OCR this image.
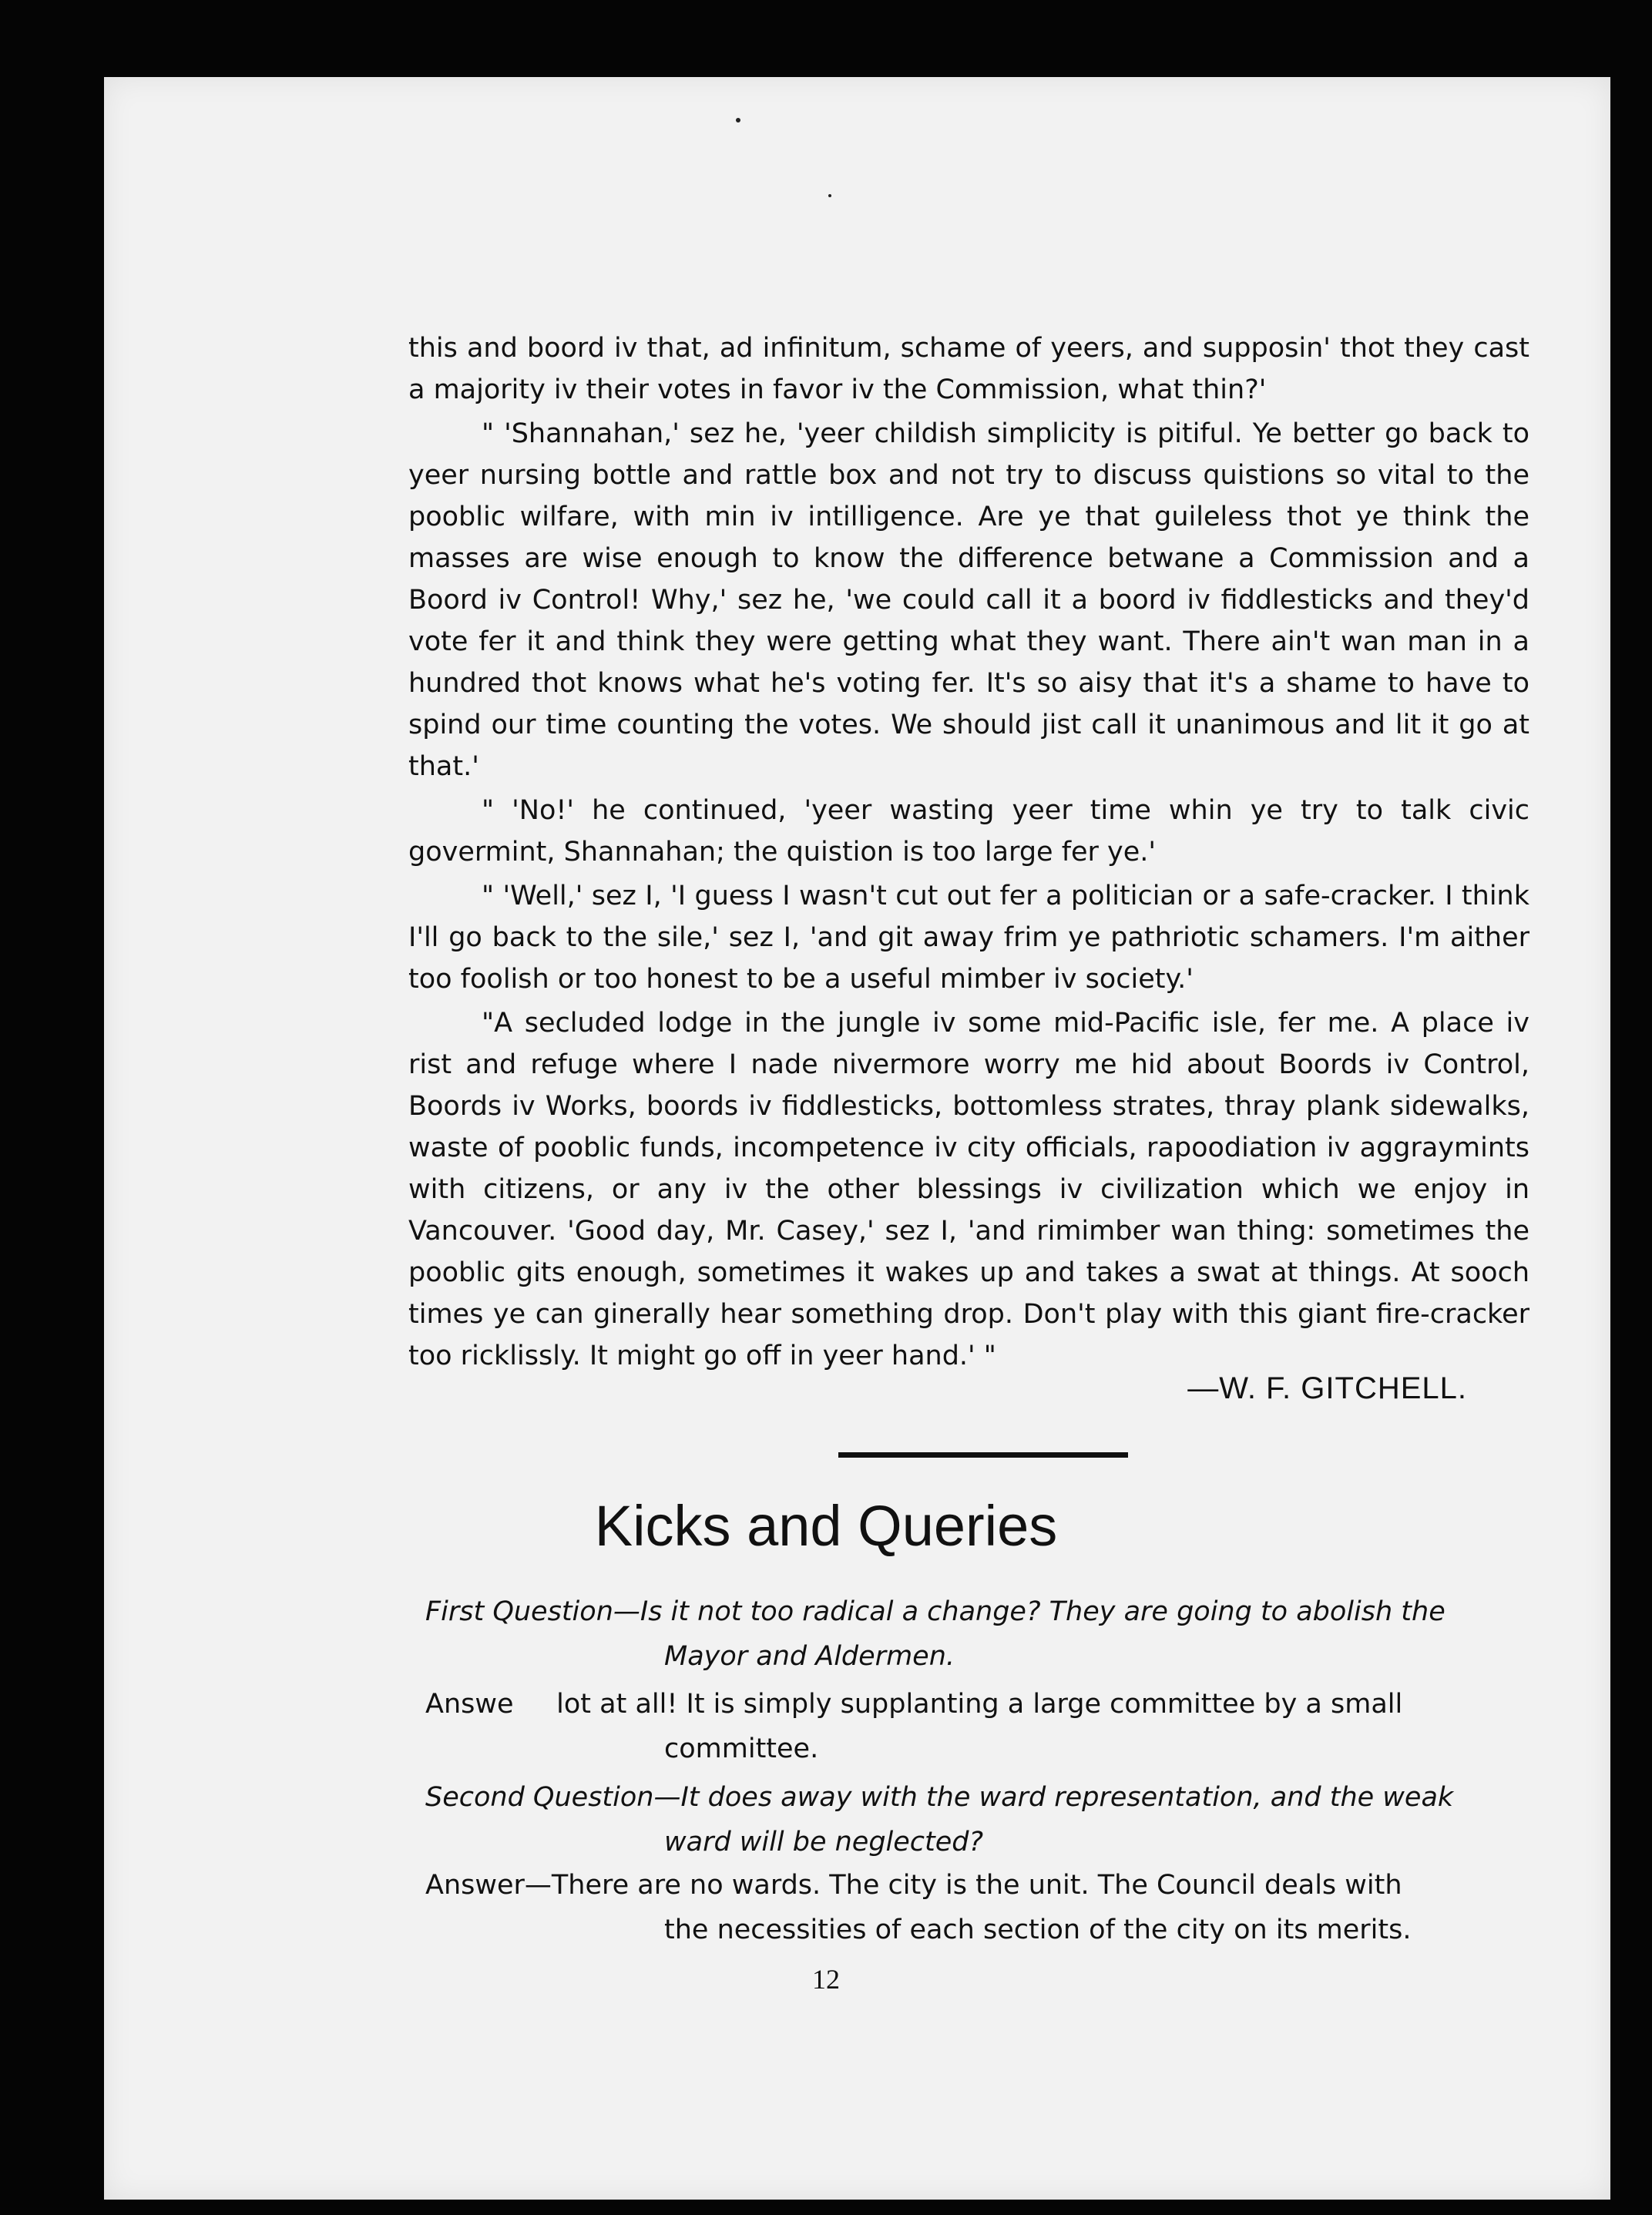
this and boord iv that, ad infinitum, schame of yeers, and supposin' thot they cast a majority iv their votes in favor iv the Commission, what thin?'

" 'Shannahan,' sez he, 'yeer childish simplicity is pitiful. Ye better go back to yeer nursing bottle and rattle box and not try to discuss quistions so vital to the pooblic wilfare, with min iv intilligence. Are ye that guileless thot ye think the masses are wise enough to know the difference betwane a Commission and a Boord iv Control! Why,' sez he, 'we could call it a boord iv fiddlesticks and they'd vote fer it and think they were getting what they want. There ain't wan man in a hundred thot knows what he's voting fer. It's so aisy that it's a shame to have to spind our time counting the votes. We should jist call it unanimous and lit it go at that.'

" 'No!' he continued, 'yeer wasting yeer time whin ye try to talk civic govermint, Shannahan; the quistion is too large fer ye.'

" 'Well,' sez I, 'I guess I wasn't cut out fer a politician or a safe-cracker. I think I'll go back to the sile,' sez I, 'and git away frim ye pathriotic schamers. I'm aither too foolish or too honest to be a useful mimber iv society.'

"A secluded lodge in the jungle iv some mid-Pacific isle, fer me. A place iv rist and refuge where I nade nivermore worry me hid about Boords iv Control, Boords iv Works, boords iv fiddlesticks, bottomless strates, thray plank sidewalks, waste of pooblic funds, incompetence iv city officials, rapoodiation iv aggraymints with citizens, or any iv the other blessings iv civilization which we enjoy in Vancouver. 'Good day, Mr. Casey,' sez I, 'and rimimber wan thing: sometimes the pooblic gits enough, sometimes it wakes up and takes a swat at things. At sooch times ye can ginerally hear something drop. Don't play with this giant fire-cracker too ricklissly. It might go off in yeer hand.' "

—W. F. GITCHELL.
Kicks and Queries
First Question—Is it not too radical a change? They are going to abolish the
Mayor and Aldermen.
Answe lot at all! It is simply supplanting a large committee by a small
committee.
Second Question—It does away with the ward representation, and the weak
ward will be neglected?
Answer—There are no wards. The city is the unit. The Council deals with
the necessities of each section of the city on its merits.
12
